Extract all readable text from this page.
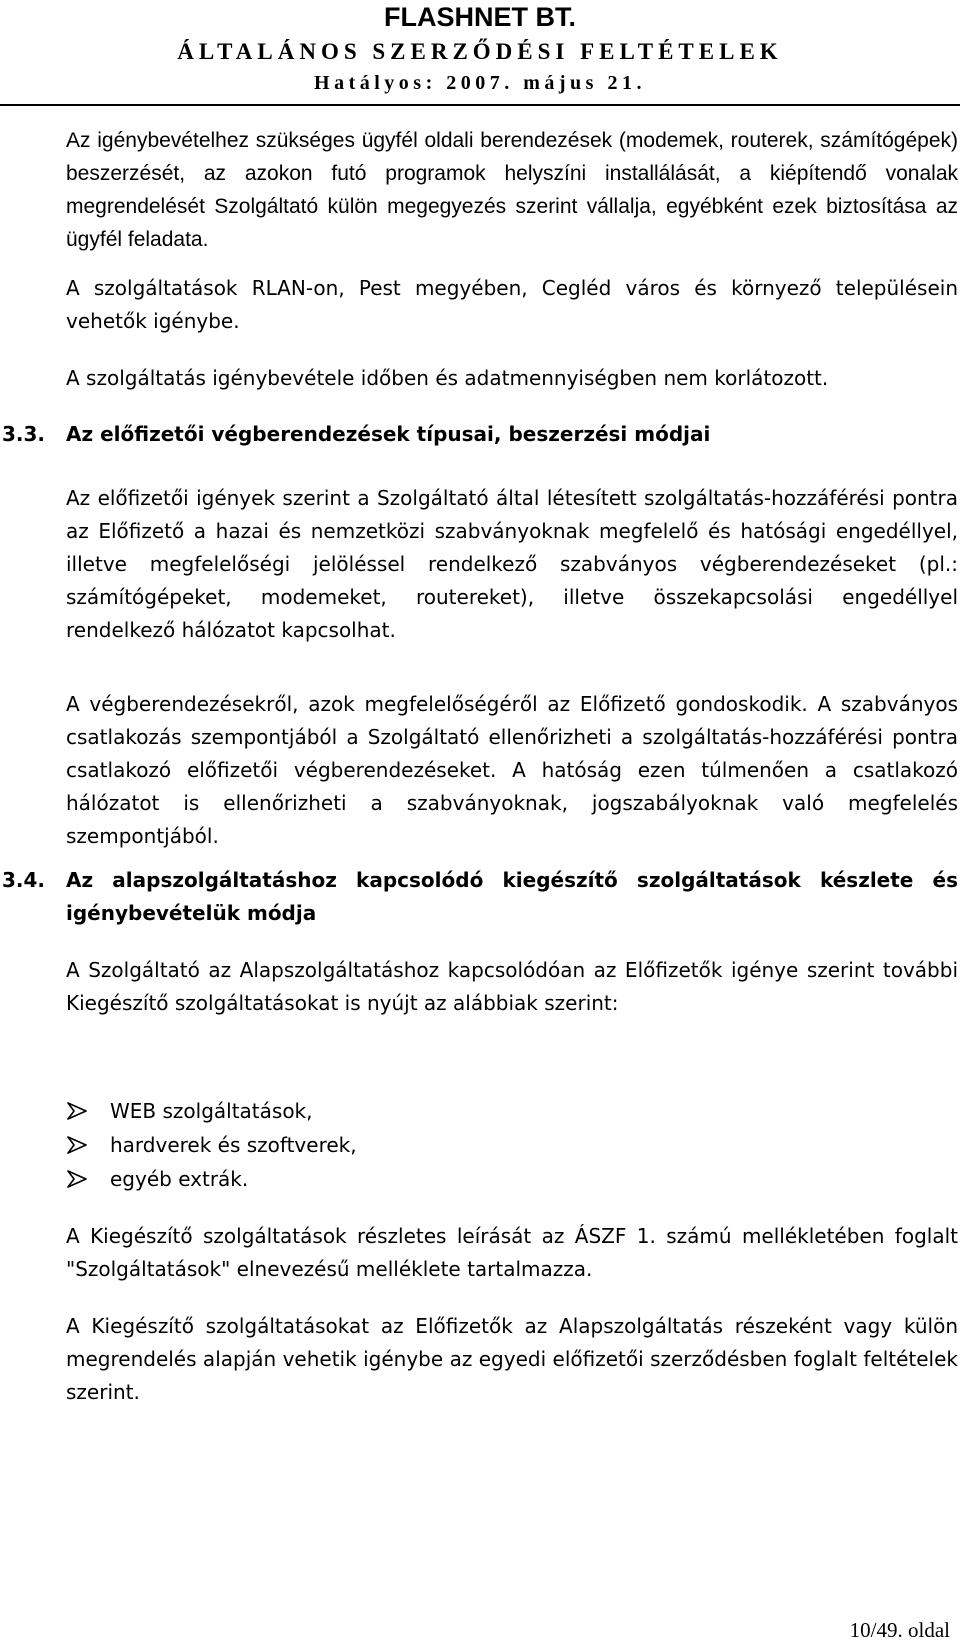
FLASHNET BT.
ÁLTALÁNOS SZERZŐDÉSI FELTÉTELEK
Hatályos: 2007. május 21.

Az igénybevételhez szükséges ügyfél oldali berendezések (modemek, routerek, számítógépek) beszerzését, az azokon futó programok helyszíni installálását, a kiépítendő vonalak megrendelését Szolgáltató külön megegyezés szerint vállalja, egyébként ezek biztosítása az ügyfél feladata.

A szolgáltatások RLAN-on, Pest megyében, Cegléd város és környező településein vehetők igénybe.

A szolgáltatás igénybevétele időben és adatmennyiségben nem korlátozott.

3.3. Az előfizetői végberendezések típusai, beszerzési módjai

Az előfizetői igények szerint a Szolgáltató által létesített szolgáltatás-hozzáférési pontra az Előfizető a hazai és nemzetközi szabványoknak megfelelő és hatósági engedéllyel, illetve megfelelőségi jelöléssel rendelkező szabványos végberendezéseket (pl.: számítógépeket, modemeket, routereket), illetve összekapcsolási engedéllyel rendelkező hálózatot kapcsolhat.

A végberendezésekről, azok megfelelőségéről az Előfizető gondoskodik. A szabványos csatlakozás szempontjából a Szolgáltató ellenőrizheti a szolgáltatás-hozzáférési pontra csatlakozó előfizetői végberendezéseket. A hatóság ezen túlmenően a csatlakozó hálózatot is ellenőrizheti a szabványoknak, jogszabályoknak való megfelelés szempontjából.

3.4. Az alapszolgáltatáshoz kapcsolódó kiegészítő szolgáltatások készlete és igénybevételük módja

A Szolgáltató az Alapszolgáltatáshoz kapcsolódóan az Előfizetők igénye szerint további Kiegészítő szolgáltatásokat is nyújt az alábbiak szerint:

WEB szolgáltatások,
hardverek és szoftverek,
egyéb extrák.

A Kiegészítő szolgáltatások részletes leírását az ÁSZF 1. számú mellékletében foglalt "Szolgáltatások" elnevezésű melléklete tartalmazza.

A Kiegészítő szolgáltatásokat az Előfizetők az Alapszolgáltatás részeként vagy külön megrendelés alapján vehetik igénybe az egyedi előfizetői szerződésben foglalt feltételek szerint.

10/49. oldal
